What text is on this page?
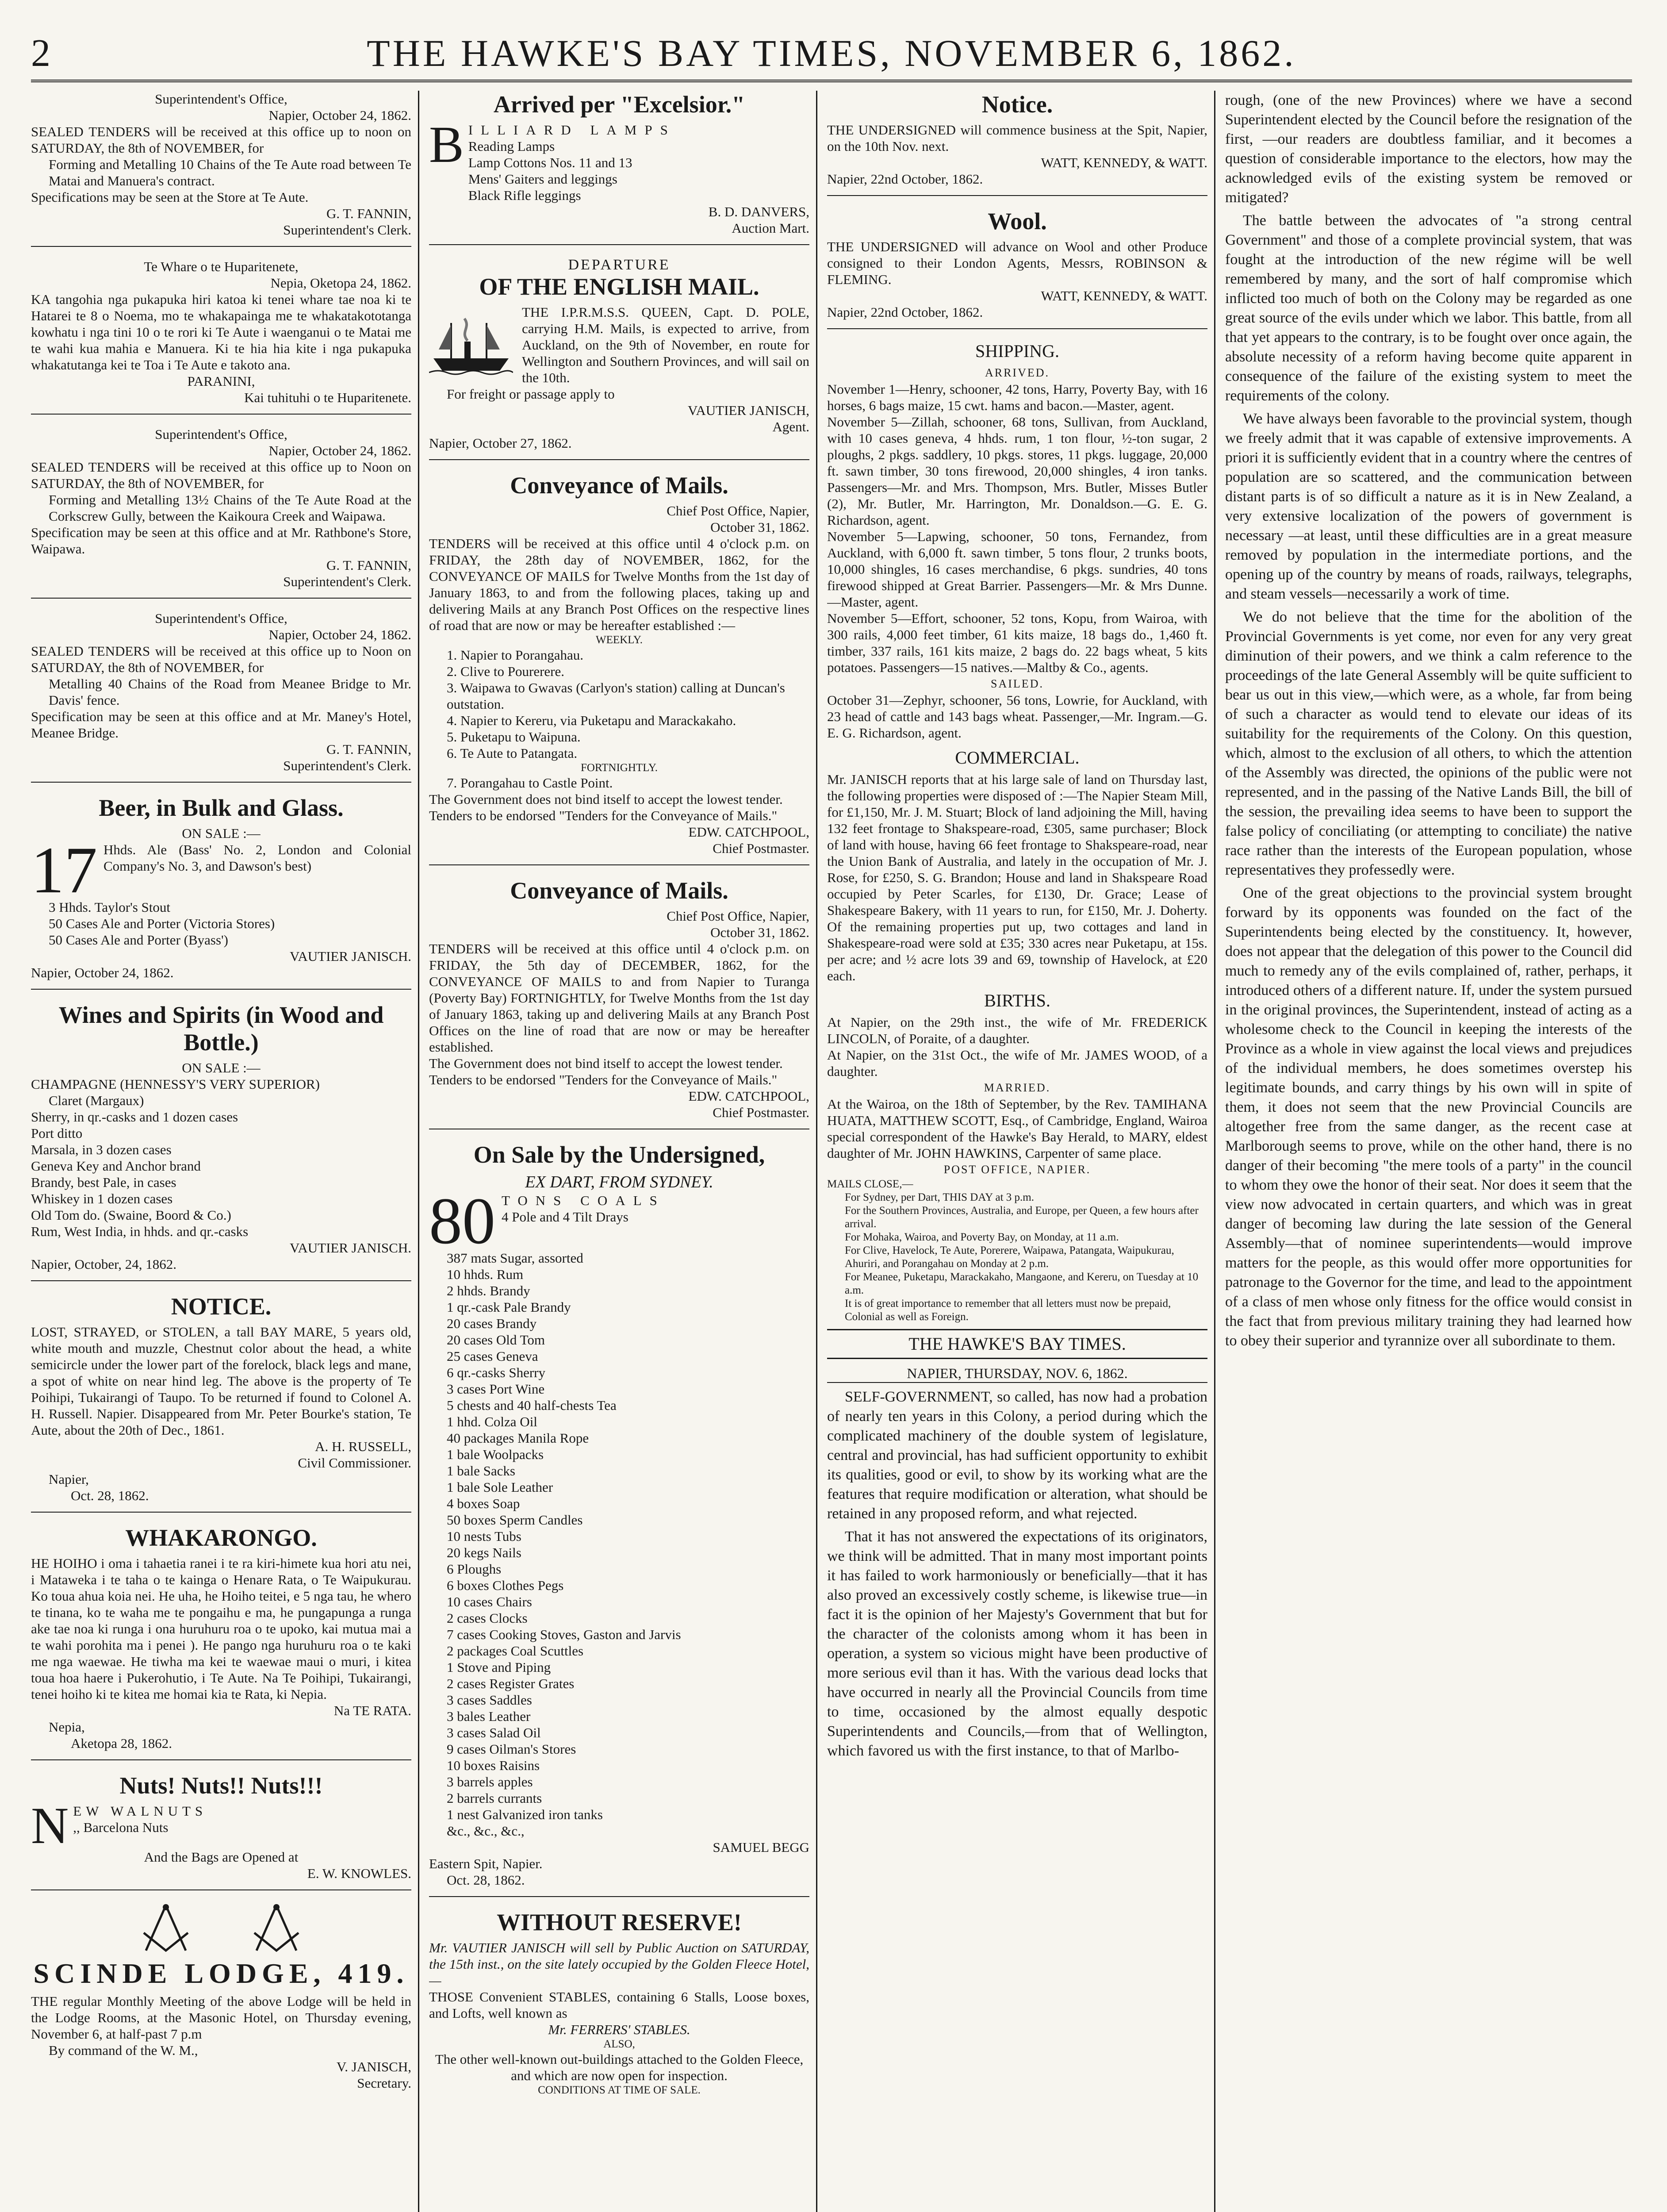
2	THE HAWKE'S BAY TIMES, NOVEMBER 6, 1862.
Superintendent's Office,
Napier, October 24, 1862.
SEALED TENDERS will be received at this office up to noon on SATURDAY, the 8th of NOVEMBER, for
Forming and Metalling 10 Chains of the Te Aute road between Te Matai and Manuera's contract.
Specifications may be seen at the Store at Te Aute.
G. T. FANNIN,
Superintendent's Clerk.
Te Whare o te Huparitenete,
Nepia, Oketopa 24, 1862.
KA tangohia nga pukapuka hiri katoa ki tenei whare tae noa ki te Hatarei te 8 o Noema, mo te whakapainga me te whakatakototanga kowhatu i nga tini 10 o te rori ki Te Aute i waenganui o te Matai me te wahi kua mahia e Manuera. Ki te hia hia kite i nga pukapuka whakatutanga kei te Toa i Te Aute e takoto ana.
PARANINI,
Kai tuhituhi o te Huparitenete.
Superintendent's Office,
Napier, October 24, 1862.
SEALED TENDERS will be received at this office up to Noon on SATURDAY, the 8th of NOVEMBER, for
Forming and Metalling 13½ Chains of the Te Aute Road at the Corkscrew Gully, between the Kaikoura Creek and Waipawa.
Specification may be seen at this office and at Mr. Rathbone's Store, Waipawa.
G. T. FANNIN,
Superintendent's Clerk.
Superintendent's Office,
Napier, October 24, 1862.
SEALED TENDERS will be received at this office up to Noon on SATURDAY, the 8th of NOVEMBER, for
Metalling 40 Chains of the Road from Meanee Bridge to Mr. Davis' fence.
Specification may be seen at this office and at Mr. Maney's Hotel, Meanee Bridge.
G. T. FANNIN,
Superintendent's Clerk.
Beer, in Bulk and Glass.
ON SALE :—
17 Hhds. Ale (Bass' No. 2, London and Colonial Company's No. 3, and Dawson's best)
3 Hhds. Taylor's Stout
50 Cases Ale and Porter (Victoria Stores)
50 Cases Ale and Porter (Byass')
VAUTIER JANISCH.
Napier, October 24, 1862.
Wines and Spirits (in Wood and Bottle.)
ON SALE :—
CHAMPAGNE (HENNESSY'S VERY SUPERIOR)
Claret (Margaux)
Sherry, in qr.-casks and 1 dozen cases
Port ditto
Marsala, in 3 dozen cases
Geneva Key and Anchor brand
Brandy, best Pale, in cases
Whiskey in 1 dozen cases
Old Tom do. (Swaine, Boord & Co.)
Rum, West India, in hhds. and qr.-casks
VAUTIER JANISCH.
Napier, October, 24, 1862.
NOTICE.
LOST, STRAYED, or STOLEN, a tall BAY MARE, 5 years old, white mouth and muzzle, Chestnut color about the head, a white semicircle under the lower part of the forelock, black legs and mane, a spot of white on near hind leg. The above is the property of Te Poihipi, Tukairangi of Taupo. To be returned if found to Colonel A. H. Russell. Napier. Disappeared from Mr. Peter Bourke's station, Te Aute, about the 20th of Dec., 1861.
A. H. RUSSELL,
Civil Commissioner.
Napier,
Oct. 28, 1862.
WHAKARONGO.
HE HOIHO i oma i tahaetia ranei i te ra kiri-himete kua hori atu nei, i Mataweka i te taha o te kainga o Henare Rata, o Te Waipukurau. Ko toua ahua koia nei. He uha, he Hoiho teitei, e 5 nga tau, he whero te tinana, ko te waha me te pongaihu e ma, he pungapunga a runga ake tae noa ki runga i ona huruhuru roa o te upoko, kai mutua mai a te wahi porohita ma i penei ). He pango nga huruhuru roa o te kaki me nga waewae. He tiwha ma kei te waewae maui o muri, i kitea toua hoa haere i Pukerohutio, i Te Aute. Na Te Poihipi, Tukairangi, tenei hoiho ki te kitea me homai kia te Rata, ki Nepia.
Na TE RATA.
Nepia,
Aketopa 28, 1862.
Nuts! Nuts!! Nuts!!!
N EW WALNUTS
,, Barcelona Nuts
And the Bags are Opened at
E. W. KNOWLES.
SCINDE LODGE, 419.
THE regular Monthly Meeting of the above Lodge will be held in the Lodge Rooms, at the Masonic Hotel, on Thursday evening, November 6, at half-past 7 p.m
By command of the W. M.,
V. JANISCH,
Secretary.
Arrived per "Excelsior."
B ILLIARD LAMPS
Reading Lamps
Lamp Cottons Nos. 11 and 13
Mens' Gaiters and leggings
Black Rifle leggings
B. D. DANVERS,
Auction Mart.
DEPARTURE
OF THE ENGLISH MAIL.
THE I.P.R.M.S.S. QUEEN, Capt. D. POLE, carrying H.M. Mails, is expected to arrive, from Auckland, on the 9th of November, en route for Wellington and Southern Provinces, and will sail on the 10th.
For freight or passage apply to
VAUTIER JANISCH,
Agent.
Napier, October 27, 1862.
Conveyance of Mails.
Chief Post Office, Napier,
October 31, 1862.
TENDERS will be received at this office until 4 o'clock p.m. on FRIDAY, the 28th day of NOVEMBER, 1862, for the CONVEYANCE OF MAILS for Twelve Months from the 1st day of January 1863, to and from the following places, taking up and delivering Mails at any Branch Post Offices on the respective lines of road that are now or may be hereafter established :—
WEEKLY.
1. Napier to Porangahau.
2. Clive to Pourerere.
3. Waipawa to Gwavas (Carlyon's station) calling at Duncan's outstation.
4. Napier to Kereru, via Puketapu and Marackakaho.
5. Puketapu to Waipuna.
6. Te Aute to Patangata.
FORTNIGHTLY.
7. Porangahau to Castle Point.
The Government does not bind itself to accept the lowest tender.
Tenders to be endorsed "Tenders for the Conveyance of Mails."
EDW. CATCHPOOL,
Chief Postmaster.
Conveyance of Mails.
Chief Post Office, Napier,
October 31, 1862.
TENDERS will be received at this office until 4 o'clock p.m. on FRIDAY, the 5th day of DECEMBER, 1862, for the CONVEYANCE OF MAILS to and from Napier to Turanga (Poverty Bay) FORTNIGHTLY, for Twelve Months from the 1st day of January 1863, taking up and delivering Mails at any Branch Post Offices on the line of road that are now or may be hereafter established.
The Government does not bind itself to accept the lowest tender.
Tenders to be endorsed "Tenders for the Conveyance of Mails."
EDW. CATCHPOOL,
Chief Postmaster.
On Sale by the Undersigned,
EX DART, FROM SYDNEY.
80 TONS COALS
4 Pole and 4 Tilt Drays
387 mats Sugar, assorted
10 hhds. Rum
2 hhds. Brandy
1 qr.-cask Pale Brandy
20 cases Brandy
20 cases Old Tom
25 cases Geneva
6 qr.-casks Sherry
3 cases Port Wine
5 chests and 40 half-chests Tea
1 hhd. Colza Oil
40 packages Manila Rope
1 bale Woolpacks
1 bale Sacks
1 bale Sole Leather
4 boxes Soap
50 boxes Sperm Candles
10 nests Tubs
20 kegs Nails
6 Ploughs
6 boxes Clothes Pegs
10 cases Chairs
2 cases Clocks
7 cases Cooking Stoves, Gaston and Jarvis
2 packages Coal Scuttles
1 Stove and Piping
2 cases Register Grates
3 cases Saddles
3 bales Leather
3 cases Salad Oil
9 cases Oilman's Stores
10 boxes Raisins
3 barrels apples
2 barrels currants
1 nest Galvanized iron tanks
&c., &c., &c.,
SAMUEL BEGG
Eastern Spit, Napier.
Oct. 28, 1862.
WITHOUT RESERVE!
Mr. VAUTIER JANISCH will sell by Public Auction on SATURDAY, the 15th inst., on the site lately occupied by the Golden Fleece Hotel,—
THOSE Convenient STABLES, containing 6 Stalls, Loose boxes, and Lofts, well known as
Mr. FERRERS' STABLES.
ALSO,
The other well-known out-buildings attached to the Golden Fleece, and which are now open for inspection.
CONDITIONS AT TIME OF SALE.
Notice.
THE UNDERSIGNED will commence business at the Spit, Napier, on the 10th Nov. next.
WATT, KENNEDY, & WATT.
Napier, 22nd October, 1862.
Wool.
THE UNDERSIGNED will advance on Wool and other Produce consigned to their London Agents, Messrs, ROBINSON & FLEMING.
WATT, KENNEDY, & WATT.
Napier, 22nd October, 1862.
SHIPPING.
ARRIVED.
November 1—Henry, schooner, 42 tons, Harry, Poverty Bay, with 16 horses, 6 bags maize, 15 cwt. hams and bacon.—Master, agent.
November 5—Zillah, schooner, 68 tons, Sullivan, from Auckland, with 10 cases geneva, 4 hhds. rum, 1 ton flour, ½-ton sugar, 2 ploughs, 2 pkgs. saddlery, 10 pkgs. stores, 11 pkgs. luggage, 20,000 ft. sawn timber, 30 tons firewood, 20,000 shingles, 4 iron tanks. Passengers—Mr. and Mrs. Thompson, Mrs. Butler, Misses Butler (2), Mr. Butler, Mr. Harrington, Mr. Donaldson.—G. E. G. Richardson, agent.
November 5—Lapwing, schooner, 50 tons, Fernandez, from Auckland, with 6,000 ft. sawn timber, 5 tons flour, 2 trunks boots, 10,000 shingles, 16 cases merchandise, 6 pkgs. sundries, 40 tons firewood shipped at Great Barrier. Passengers—Mr. & Mrs Dunne.—Master, agent.
November 5—Effort, schooner, 52 tons, Kopu, from Wairoa, with 300 rails, 4,000 feet timber, 61 kits maize, 18 bags do., 1,460 ft. timber, 337 rails, 161 kits maize, 2 bags do. 22 bags wheat, 5 kits potatoes. Passengers—15 natives.—Maltby & Co., agents.
SAILED.
October 31—Zephyr, schooner, 56 tons, Lowrie, for Auckland, with 23 head of cattle and 143 bags wheat. Passenger,—Mr. Ingram.—G. E. G. Richardson, agent.
COMMERCIAL.
Mr. JANISCH reports that at his large sale of land on Thursday last, the following properties were disposed of :—The Napier Steam Mill, for £1,150, Mr. J. M. Stuart; Block of land adjoining the Mill, having 132 feet frontage to Shakspeare-road, £305, same purchaser; Block of land with house, having 66 feet frontage to Shakspeare-road, near the Union Bank of Australia, and lately in the occupation of Mr. J. Rose, for £250, S. G. Brandon; House and land in Shakspeare Road occupied by Peter Scarles, for £130, Dr. Grace; Lease of Shakespeare Bakery, with 11 years to run, for £150, Mr. J. Doherty. Of the remaining properties put up, two cottages and land in Shakespeare-road were sold at £35; 330 acres near Puketapu, at 15s. per acre; and ½ acre lots 39 and 69, township of Havelock, at £20 each.
BIRTHS.
At Napier, on the 29th inst., the wife of Mr. FREDERICK LINCOLN, of Poraite, of a daughter.
At Napier, on the 31st Oct., the wife of Mr. JAMES WOOD, of a daughter.
MARRIED.
At the Wairoa, on the 18th of September, by the Rev. TAMIHANA HUATA, MATTHEW SCOTT, Esq., of Cambridge, England, Wairoa special correspondent of the Hawke's Bay Herald, to MARY, eldest daughter of Mr. JOHN HAWKINS, Carpenter of same place.
POST OFFICE, NAPIER.
MAILS CLOSE,—
For Sydney, per Dart, THIS DAY at 3 p.m.
For the Southern Provinces, Australia, and Europe, per Queen, a few hours after arrival.
For Mohaka, Wairoa, and Poverty Bay, on Monday, at 11 a.m.
For Clive, Havelock, Te Aute, Porerere, Waipawa, Patangata, Waipukurau, Ahuriri, and Porangahau on Monday at 2 p.m.
For Meanee, Puketapu, Marackakaho, Mangaone, and Kereru, on Tuesday at 10 a.m.
It is of great importance to remember that all letters must now be prepaid, Colonial as well as Foreign.
THE HAWKE'S BAY TIMES.
NAPIER, THURSDAY, NOV. 6, 1862.

SELF-GOVERNMENT, so called, has now had a probation of nearly ten years in this Colony, a period during which the complicated machinery of the double system of legislature, central and provincial, has had sufficient opportunity to exhibit its qualities, good or evil, to show by its working what are the features that require modification or alteration, what should be retained in any proposed reform, and what rejected.

That it has not answered the expectations of its originators, we think will be admitted. That in many most important points it has failed to work harmoniously or beneficially—that it has also proved an excessively costly scheme, is likewise true—in fact it is the opinion of her Majesty's Government that but for the character of the colonists among whom it has been in operation, a system so vicious might have been productive of more serious evil than it has. With the various dead locks that have occurred in nearly all the Provincial Councils from time to time, occasioned by the almost equally despotic Superintendents and Councils,—from that of Wellington, which favored us with the first instance, to that of Marlbo-

rough, (one of the new Provinces) where we have a second Superintendent elected by the Council before the resignation of the first, —our readers are doubtless familiar, and it becomes a question of considerable importance to the electors, how may the acknowledged evils of the existing system be removed or mitigated?

The battle between the advocates of "a strong central Government" and those of a complete provincial system, that was fought at the introduction of the new régime will be well remembered by many, and the sort of half compromise which inflicted too much of both on the Colony may be regarded as one great source of the evils under which we labor. This battle, from all that yet appears to the contrary, is to be fought over once again, the absolute necessity of a reform having become quite apparent in consequence of the failure of the existing system to meet the requirements of the colony.

We have always been favorable to the provincial system, though we freely admit that it was capable of extensive improvements. A priori it is sufficiently evident that in a country where the centres of population are so scattered, and the communication between distant parts is of so difficult a nature as it is in New Zealand, a very extensive localization of the powers of government is necessary —at least, until these difficulties are in a great measure removed by population in the intermediate portions, and the opening up of the country by means of roads, railways, telegraphs, and steam vessels—necessarily a work of time.

We do not believe that the time for the abolition of the Provincial Governments is yet come, nor even for any very great diminution of their powers, and we think a calm reference to the proceedings of the late General Assembly will be quite sufficient to bear us out in this view,—which were, as a whole, far from being of such a character as would tend to elevate our ideas of its suitability for the requirements of the Colony. On this question, which, almost to the exclusion of all others, to which the attention of the Assembly was directed, the opinions of the public were not represented, and in the passing of the Native Lands Bill, the bill of the session, the prevailing idea seems to have been to support the false policy of conciliating (or attempting to conciliate) the native race rather than the interests of the European population, whose representatives they professedly were.

One of the great objections to the provincial system brought forward by its opponents was founded on the fact of the Superintendents being elected by the constituency. It, however, does not appear that the delegation of this power to the Council did much to remedy any of the evils complained of, rather, perhaps, it introduced others of a different nature. If, under the system pursued in the original provinces, the Superintendent, instead of acting as a wholesome check to the Council in keeping the interests of the Province as a whole in view against the local views and prejudices of the individual members, he does sometimes overstep his legitimate bounds, and carry things by his own will in spite of them, it does not seem that the new Provincial Councils are altogether free from the same danger, as the recent case at Marlborough seems to prove, while on the other hand, there is no danger of their becoming "the mere tools of a party" in the council to whom they owe the honor of their seat. Nor does it seem that the view now advocated in certain quarters, and which was in great danger of becoming law during the late session of the General Assembly—that of nominee superintendents—would improve matters for the people, as this would offer more opportunities for patronage to the Governor for the time, and lead to the appointment of a class of men whose only fitness for the office would consist in the fact that from previous military training they had learned how to obey their superior and tyrannize over all subordinate to them.
